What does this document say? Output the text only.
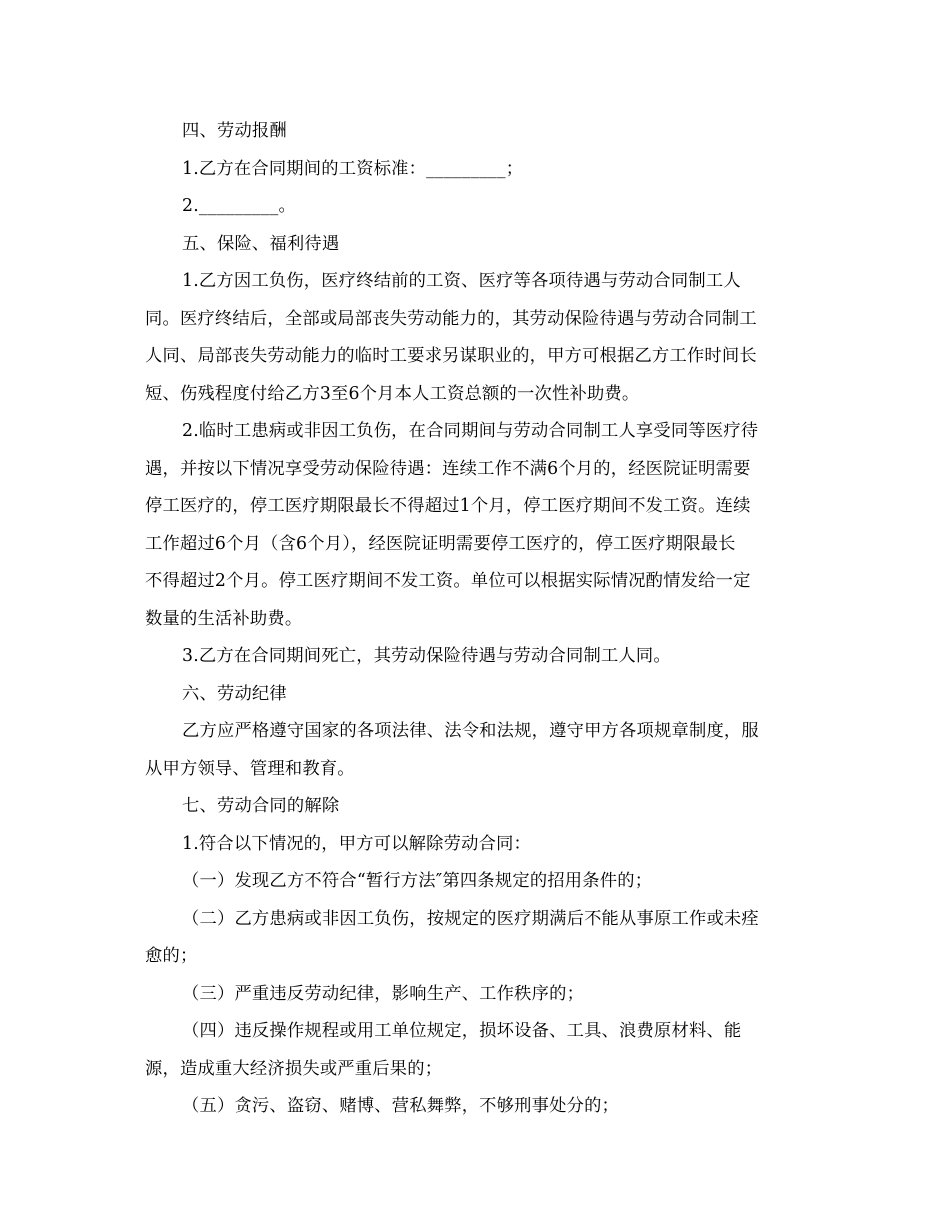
四、劳动报酬

1.乙方在合同期间的工资标准：_________；

2._________。

五、保险、福利待遇

1.乙方因工负伤，医疗终结前的工资、医疗等各项待遇与劳动合同制工人

同。医疗终结后，全部或局部丧失劳动能力的，其劳动保险待遇与劳动合同制工

人同、局部丧失劳动能力的临时工要求另谋职业的，甲方可根据乙方工作时间长

短、伤残程度付给乙方3至6个月本人工资总额的一次性补助费。

2.临时工患病或非因工负伤，在合同期间与劳动合同制工人享受同等医疗待

遇，并按以下情况享受劳动保险待遇：连续工作不满6个月的，经医院证明需要

停工医疗的，停工医疗期限最长不得超过1个月，停工医疗期间不发工资。连续

工作超过6个月（含6个月），经医院证明需要停工医疗的，停工医疗期限最长

不得超过2个月。停工医疗期间不发工资。单位可以根据实际情况酌情发给一定

数量的生活补助费。

3.乙方在合同期间死亡，其劳动保险待遇与劳动合同制工人同。

六、劳动纪律

乙方应严格遵守国家的各项法律、法令和法规，遵守甲方各项规章制度，服

从甲方领导、管理和教育。

七、劳动合同的解除

1.符合以下情况的，甲方可以解除劳动合同：

（一）发现乙方不符合“暂行方法″第四条规定的招用条件的；

（二）乙方患病或非因工负伤，按规定的医疗期满后不能从事原工作或未痊

愈的；

（三）严重违反劳动纪律，影响生产、工作秩序的；

（四）违反操作规程或用工单位规定，损坏设备、工具、浪费原材料、能

源，造成重大经济损失或严重后果的；

（五）贪污、盗窃、赌博、营私舞弊，不够刑事处分的；
